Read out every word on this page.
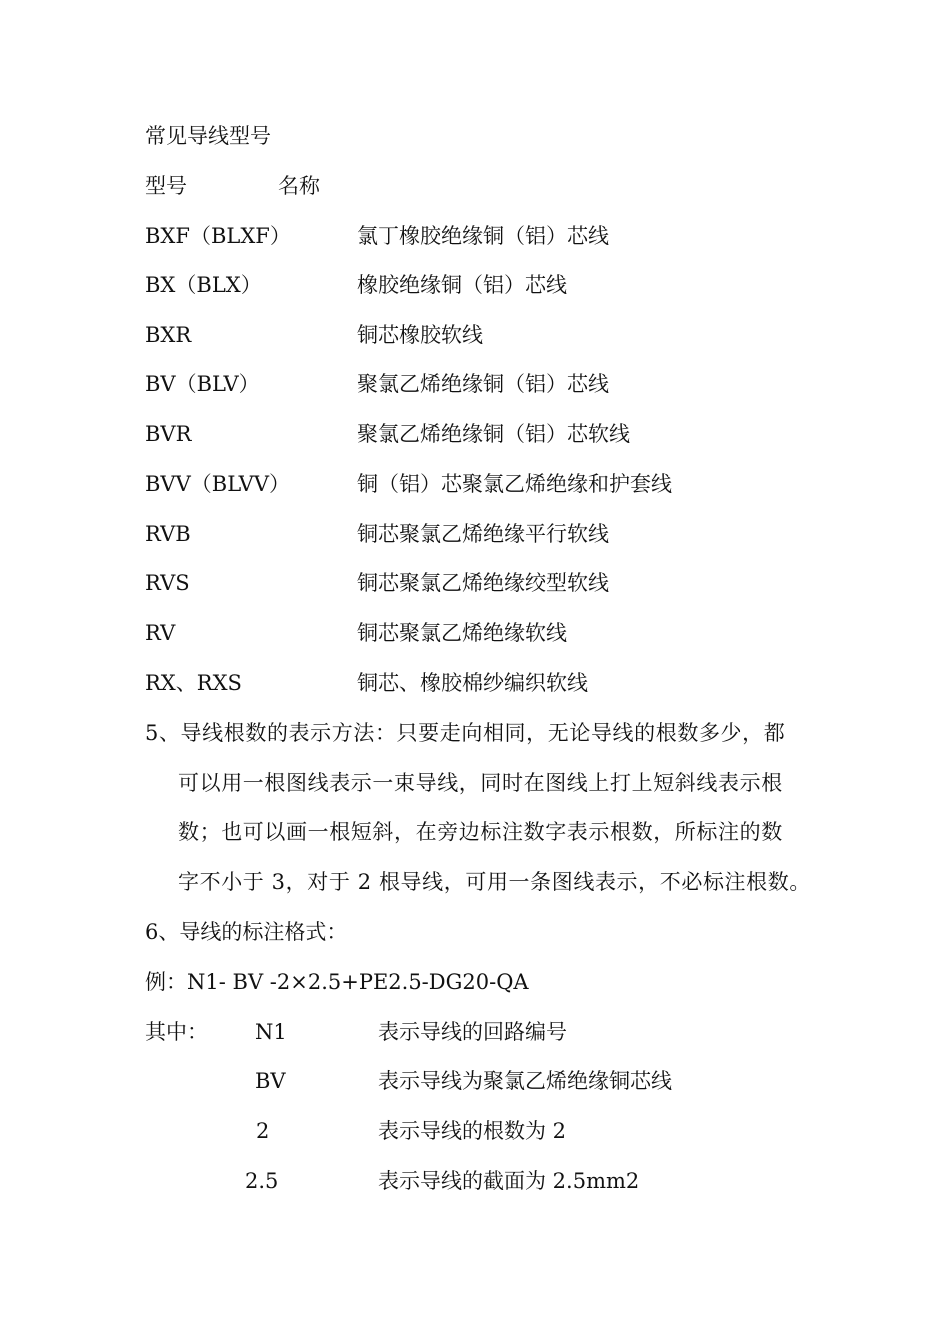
常见导线型号
型号	名称
BXF（BLXF）	氯丁橡胶绝缘铜（铝）芯线
BX（BLX）	橡胶绝缘铜（铝）芯线
BXR	铜芯橡胶软线
BV（BLV）	聚氯乙烯绝缘铜（铝）芯线
BVR	聚氯乙烯绝缘铜（铝）芯软线
BVV（BLVV）	铜（铝）芯聚氯乙烯绝缘和护套线
RVB	铜芯聚氯乙烯绝缘平行软线
RVS	铜芯聚氯乙烯绝缘绞型软线
RV	铜芯聚氯乙烯绝缘软线
RX、RXS	铜芯、橡胶棉纱编织软线
5、导线根数的表示方法：只要走向相同，无论导线的根数多少，都
可以用一根图线表示一束导线，同时在图线上打上短斜线表示根
数；也可以画一根短斜，在旁边标注数字表示根数，所标注的数
字不小于 3，对于 2 根导线，可用一条图线表示，不必标注根数。
6、导线的标注格式：
例：N1- BV -2×2.5+PE2.5-DG20-QA
其中： N1	表示导线的回路编号
BV	表示导线为聚氯乙烯绝缘铜芯线
2	表示导线的根数为 2
2.5	表示导线的截面为 2.5mm2
